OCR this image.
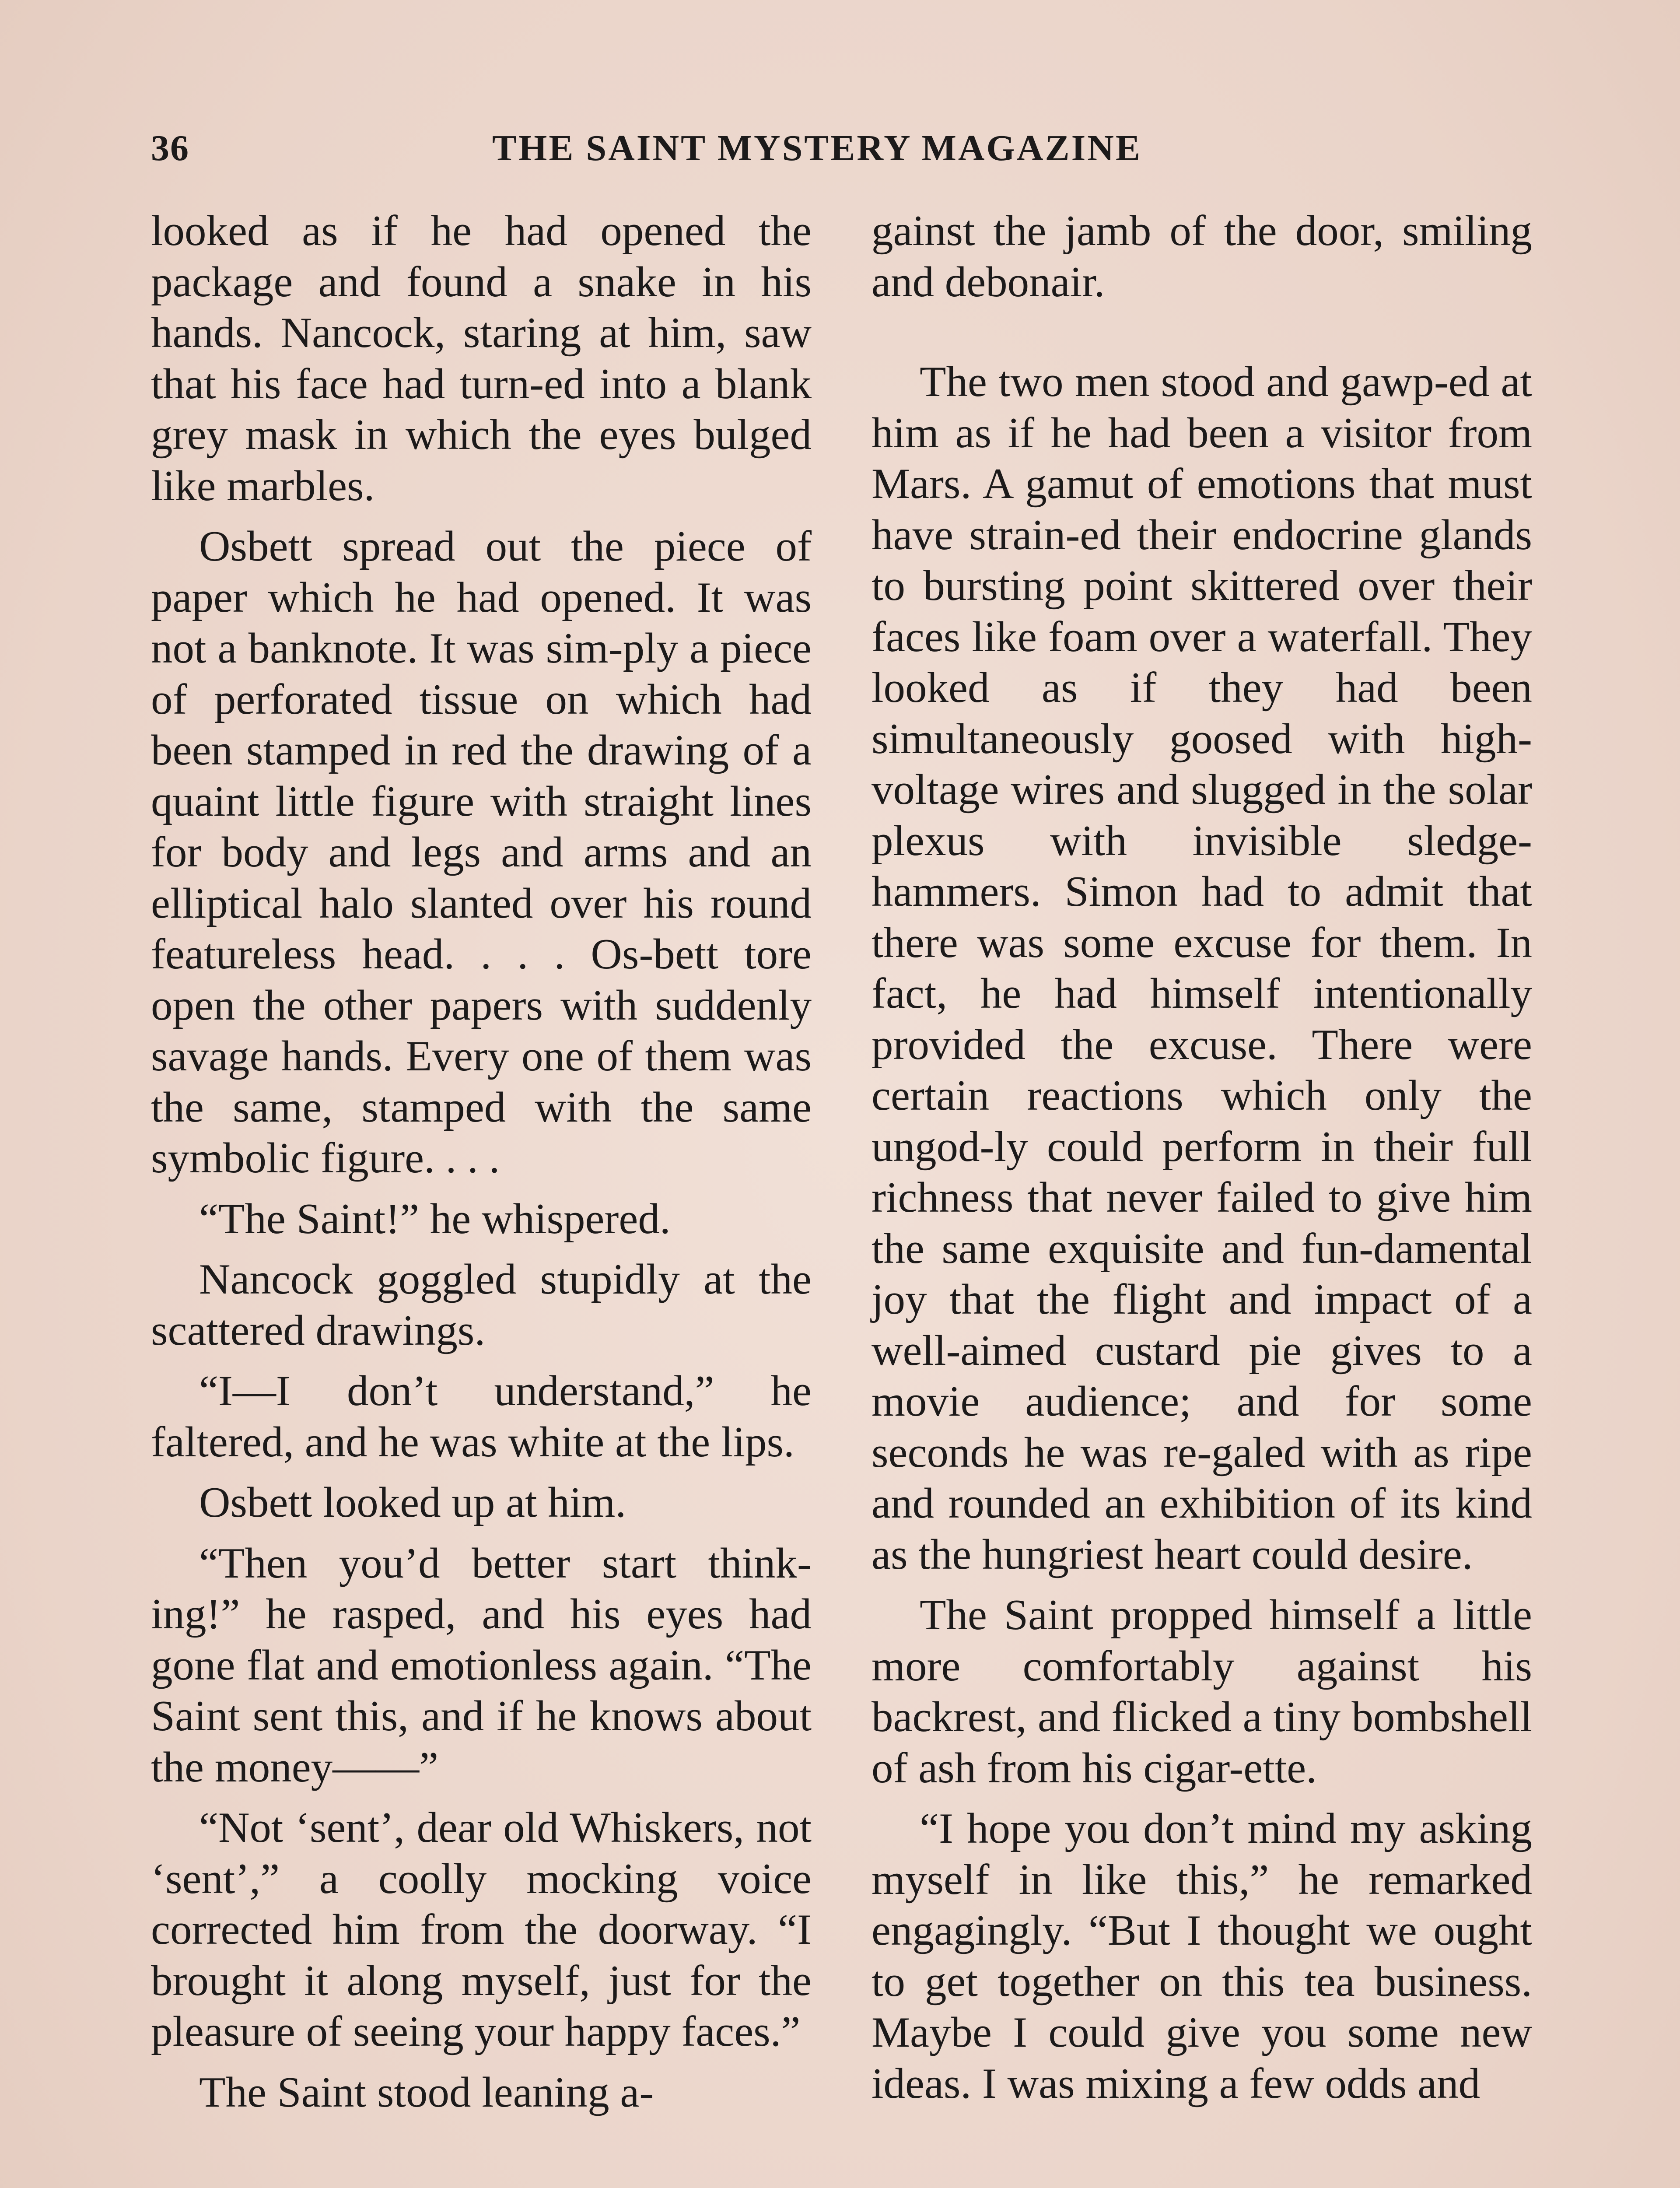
36	THE SAINT MYSTERY MAGAZINE

looked as if he had opened the package and found a snake in his hands. Nancock, staring at him, saw that his face had turn-ed into a blank grey mask in which the eyes bulged like marbles.

Osbett spread out the piece of paper which he had opened. It was not a banknote. It was sim-ply a piece of perforated tissue on which had been stamped in red the drawing of a quaint little figure with straight lines for body and legs and arms and an elliptical halo slanted over his round featureless head. . . . Os-bett tore open the other papers with suddenly savage hands. Every one of them was the same, stamped with the same symbolic figure. . . .

“The Saint!” he whispered.

Nancock goggled stupidly at the scattered drawings.

“I—I don’t understand,” he faltered, and he was white at the lips.

Osbett looked up at him.

“Then you’d better start think-ing!” he rasped, and his eyes had gone flat and emotionless again. “The Saint sent this, and if he knows about the money——”

“Not ‘sent’, dear old Whiskers, not ‘sent’,” a coolly mocking voice corrected him from the doorway. “I brought it along myself, just for the pleasure of seeing your happy faces.”

The Saint stood leaning a-

gainst the jamb of the door, smiling and debonair.

The two men stood and gawp-ed at him as if he had been a visitor from Mars. A gamut of emotions that must have strain-ed their endocrine glands to bursting point skittered over their faces like foam over a waterfall. They looked as if they had been simultaneously goosed with high-voltage wires and slugged in the solar plexus with invisible sledge-hammers. Simon had to admit that there was some excuse for them. In fact, he had himself intentionally provided the excuse. There were certain reactions which only the ungod-ly could perform in their full richness that never failed to give him the same exquisite and fun-damental joy that the flight and impact of a well-aimed custard pie gives to a movie audience; and for some seconds he was re-galed with as ripe and rounded an exhibition of its kind as the hungriest heart could desire.

The Saint propped himself a little more comfortably against his backrest, and flicked a tiny bombshell of ash from his cigar-ette.

“I hope you don’t mind my asking myself in like this,” he remarked engagingly. “But I thought we ought to get together on this tea business. Maybe I could give you some new ideas. I was mixing a few odds and
